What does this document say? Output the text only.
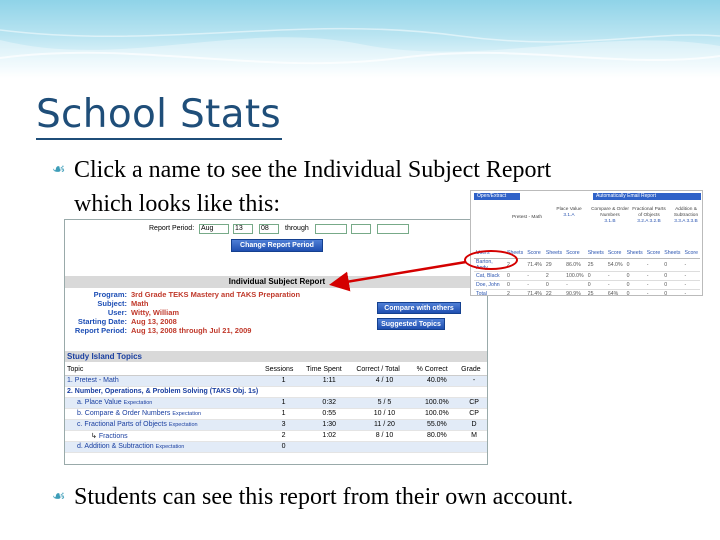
School Stats
☙ Click a name to see the Individual Subject Report
which looks like this:
Report Period: Aug	13	08	through
Change Report Period
Individual Subject Report
Program: 3rd Grade TEKS Mastery and TAKS Preparation
Subject: Math
User: Witty, William
Starting Date: Aug 13, 2008
Report Period: Aug 13, 2008 through Jul 21, 2009
Compare with others
Suggested Topics
Study Island Topics
Topic	Sessions	Time Spent	Correct / Total	% Correct	Grade
1. Pretest - Math	1	1:11	4 / 10	40.0%	-
2. Number, Operations, & Problem Solving (TAKS Obj. 1s)					
a. Place Value Expectation	1	0:32	5 / 5	100.0%	CP
b. Compare & Order Numbers Expectation	1	0:55	10 / 10	100.0%	CP
c. Fractional Parts of Objects Expectation	3	1:30	11 / 20	55.0%	D
↳ Fractions	2	1:02	8 / 10	80.0%	M
d. Addition & Subtraction Expectation	0				
Open/Extract	Automatically Email Report
Pretest - Math
Place Value
3.1.A
Compare & Order Numbers
3.1.B
Fractional Parts of Objects
3.2.A 3.2.B
Addition & Subtraction
3.3.A 3.3.B
Users	Sheets	Score	Sheets	Score	Sheets	Score	Sheets	Score	Sheets	Score
Barton, Andy	2	71.4%	29	86.0%	25	54.0%	0	-	0	-
Cat, Black	0	-	2	100.0%	0	-	0	-	0	-
Doe, John	0	-	0	-	0	-	0	-	0	-
Total	2	71.4%	22	90.9%	25	64%	0	-	0	-
☙ Students can see this report from their own account.
